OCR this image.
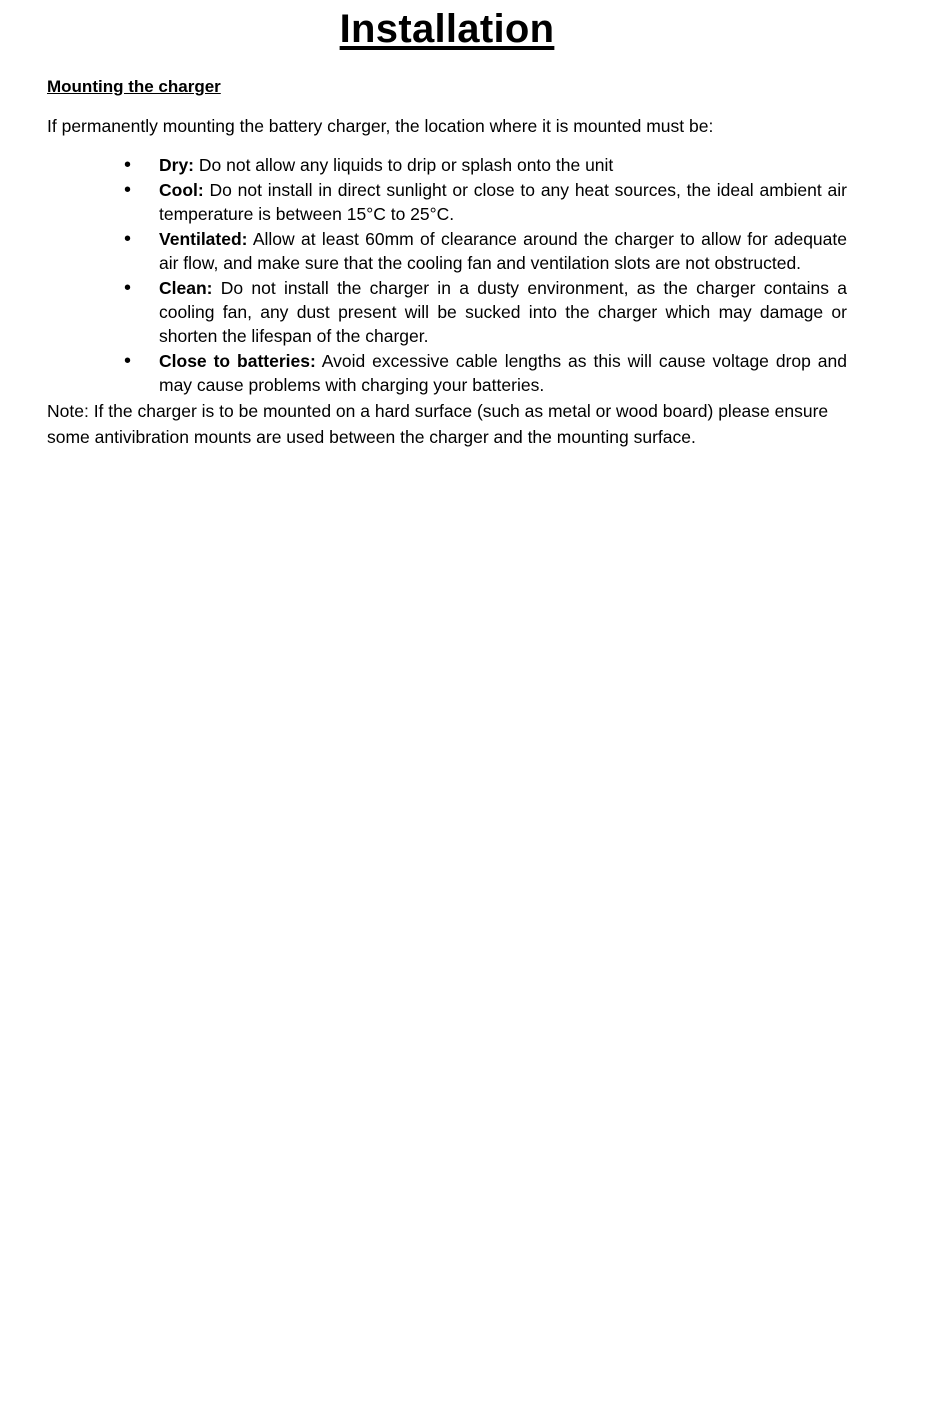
Installation
Mounting the charger

If permanently mounting the battery charger, the location where it is mounted must be:

• Dry: Do not allow any liquids to drip or splash onto the unit
• Cool: Do not install in direct sunlight or close to any heat sources, the ideal ambient air temperature is between 15°C to 25°C.
• Ventilated: Allow at least 60mm of clearance around the charger to allow for adequate air flow, and make sure that the cooling fan and ventilation slots are not obstructed.
• Clean: Do not install the charger in a dusty environment, as the charger contains a cooling fan, any dust present will be sucked into the charger which may damage or shorten the lifespan of the charger.
• Close to batteries: Avoid excessive cable lengths as this will cause voltage drop and may cause problems with charging your batteries.

Note: If the charger is to be mounted on a hard surface (such as metal or wood board) please ensure some antivibration mounts are used between the charger and the mounting surface.
